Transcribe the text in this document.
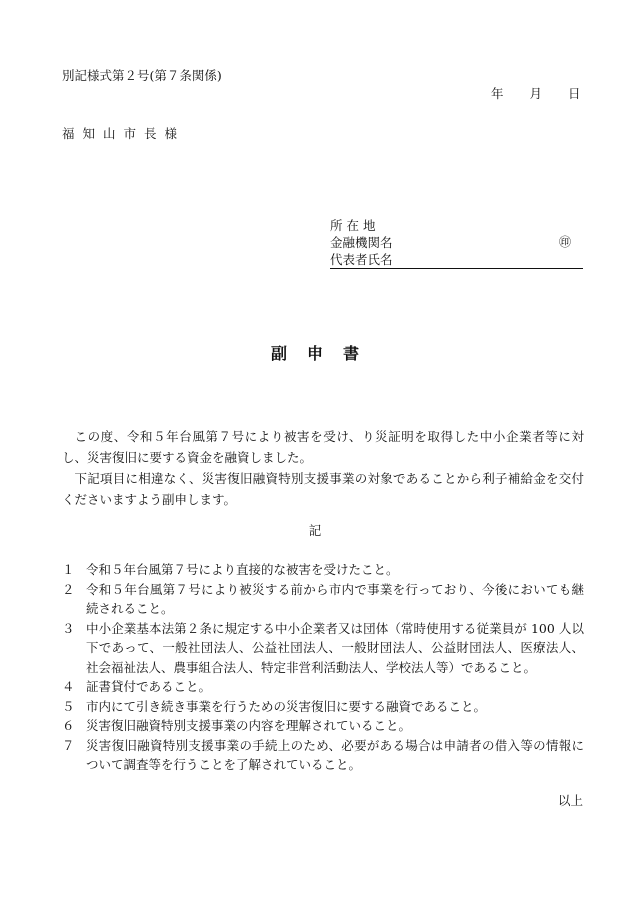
別記様式第２号(第７条関係)
年 月 日
福知山市長様
所 在 地
金融機関名	㊞
代表者氏名
副申書

この度、令和５年台風第７号により被害を受け、り災証明を取得した中小企業者等に対し、災害復旧に要する資金を融資しました。

下記項目に相違なく、災害復旧融資特別支援事業の対象であることから利子補給金を交付くださいますよう副申します。

記
１ 令和５年台風第７号により直接的な被害を受けたこと。
２ 令和５年台風第７号により被災する前から市内で事業を行っており、今後においても継続されること。
３ 中小企業基本法第２条に規定する中小企業者又は団体（常時使用する従業員が 100 人以下であって、一般社団法人、公益社団法人、一般財団法人、公益財団法人、医療法人、社会福祉法人、農事組合法人、特定非営利活動法人、学校法人等）であること。
４ 証書貸付であること。
５ 市内にて引き続き事業を行うための災害復旧に要する融資であること。
６ 災害復旧融資特別支援事業の内容を理解されていること。
７ 災害復旧融資特別支援事業の手続上のため、必要がある場合は申請者の借入等の情報について調査等を行うことを了解されていること。
以上
